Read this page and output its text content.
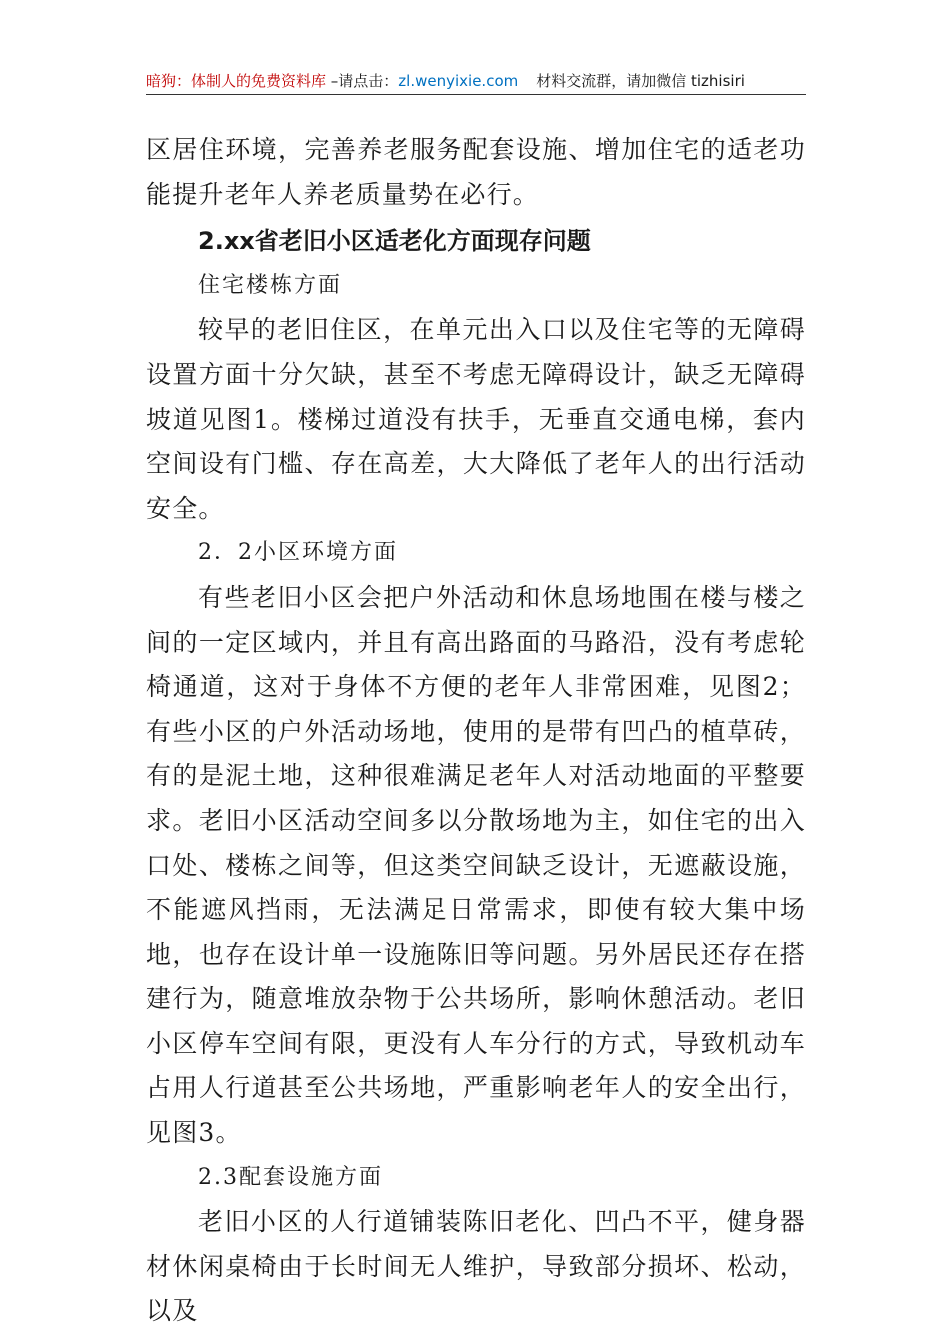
暗狗：体制人的免费资料库 –请点击：zl.wenyixie.com 材料交流群，请加微信 tizhisiri

区居住环境，完善养老服务配套设施、增加住宅的适老功能提升老年人养老质量势在必行。

2.xx省老旧小区适老化方面现存问题

住宅楼栋方面

较早的老旧住区，在单元出入口以及住宅等的无障碍设置方面十分欠缺，甚至不考虑无障碍设计，缺乏无障碍坡道见图1。楼梯过道没有扶手，无垂直交通电梯，套内空间设有门槛、存在高差，大大降低了老年人的出行活动安全。

2．2小区环境方面

有些老旧小区会把户外活动和休息场地围在楼与楼之间的一定区域内，并且有高出路面的马路沿，没有考虑轮椅通道，这对于身体不方便的老年人非常困难，见图2；有些小区的户外活动场地，使用的是带有凹凸的植草砖，有的是泥土地，这种很难满足老年人对活动地面的平整要求。老旧小区活动空间多以分散场地为主，如住宅的出入口处、楼栋之间等，但这类空间缺乏设计，无遮蔽设施，不能遮风挡雨，无法满足日常需求，即使有较大集中场地，也存在设计单一设施陈旧等问题。另外居民还存在搭建行为，随意堆放杂物于公共场所，影响休憩活动。老旧小区停车空间有限，更没有人车分行的方式，导致机动车占用人行道甚至公共场地，严重影响老年人的安全出行，见图3。

2.3配套设施方面

老旧小区的人行道铺装陈旧老化、凹凸不平，健身器材休闲桌椅由于长时间无人维护，导致部分损坏、松动，以及
